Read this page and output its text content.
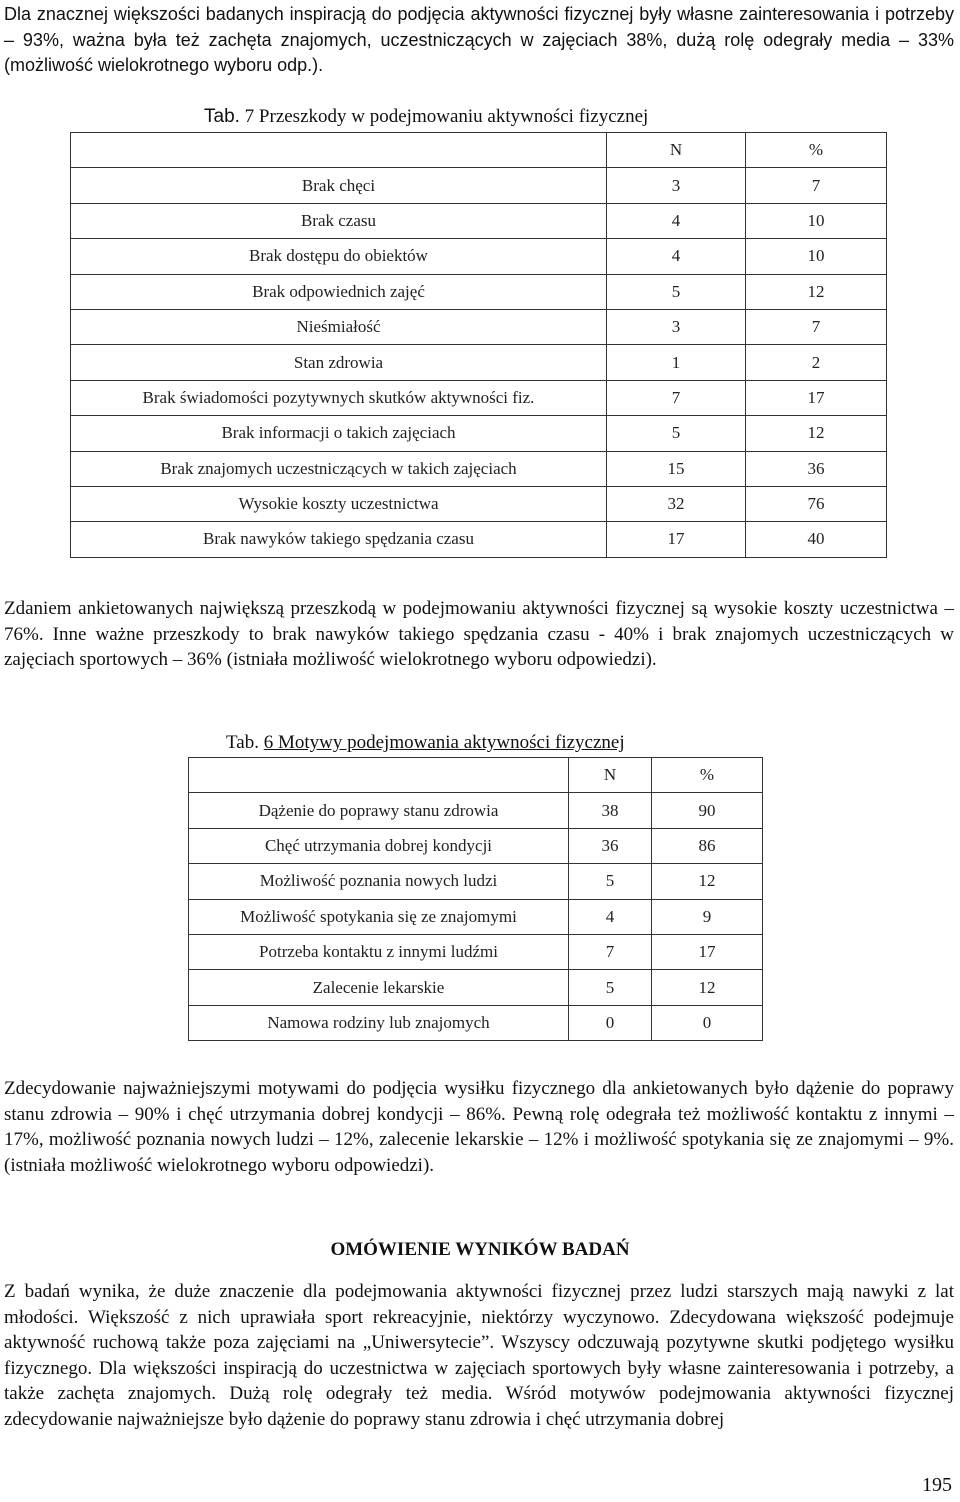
Dla znacznej większości badanych inspiracją do podjęcia aktywności fizycznej były własne zainteresowania i potrzeby – 93%, ważna była też zachęta znajomych, uczestniczących w zajęciach 38%, dużą rolę odegrały media – 33% (możliwość wielokrotnego wyboru odp.).

Tab. 7 Przeszkody w podejmowaniu aktywności fizycznej

	N	%
Brak chęci	3	7
Brak czasu	4	10
Brak dostępu do obiektów	4	10
Brak odpowiednich zajęć	5	12
Nieśmiałość	3	7
Stan zdrowia	1	2
Brak świadomości pozytywnych skutków aktywności fiz.	7	17
Brak informacji o takich zajęciach	5	12
Brak znajomych uczestniczących w takich zajęciach	15	36
Wysokie koszty uczestnictwa	32	76
Brak nawyków takiego spędzania czasu	17	40

Zdaniem ankietowanych największą przeszkodą w podejmowaniu aktywności fizycznej są wysokie koszty uczestnictwa – 76%. Inne ważne przeszkody to brak nawyków takiego spędzania czasu - 40% i brak znajomych uczestniczących w zajęciach sportowych – 36% (istniała możliwość wielokrotnego wyboru odpowiedzi).

Tab. 6 Motywy podejmowania aktywności fizycznej

	N	%
Dążenie do poprawy stanu zdrowia	38	90
Chęć utrzymania dobrej kondycji	36	86
Możliwość poznania nowych ludzi	5	12
Możliwość spotykania się ze znajomymi	4	9
Potrzeba kontaktu z innymi ludźmi	7	17
Zalecenie lekarskie	5	12
Namowa rodziny lub znajomych	0	0

Zdecydowanie najważniejszymi motywami do podjęcia wysiłku fizycznego dla ankietowanych było dążenie do poprawy stanu zdrowia – 90% i chęć utrzymania dobrej kondycji – 86%. Pewną rolę odegrała też możliwość kontaktu z innymi – 17%, możliwość poznania nowych ludzi – 12%, zalecenie lekarskie – 12% i możliwość spotykania się ze znajomymi – 9%. (istniała możliwość wielokrotnego wyboru odpowiedzi).

OMÓWIENIE WYNIKÓW BADAŃ

Z badań wynika, że duże znaczenie dla podejmowania aktywności fizycznej przez ludzi starszych mają nawyki z lat młodości. Większość z nich uprawiała sport rekreacyjnie, niektórzy wyczynowo. Zdecydowana większość podejmuje aktywność ruchową także poza zajęciami na „Uniwersytecie”. Wszyscy odczuwają pozytywne skutki podjętego wysiłku fizycznego. Dla większości inspiracją do uczestnictwa w zajęciach sportowych były własne zainteresowania i potrzeby, a także zachęta znajomych. Dużą rolę odegrały też media. Wśród motywów podejmowania aktywności fizycznej zdecydowanie najważniejsze było dążenie do poprawy stanu zdrowia i chęć utrzymania dobrej

195
